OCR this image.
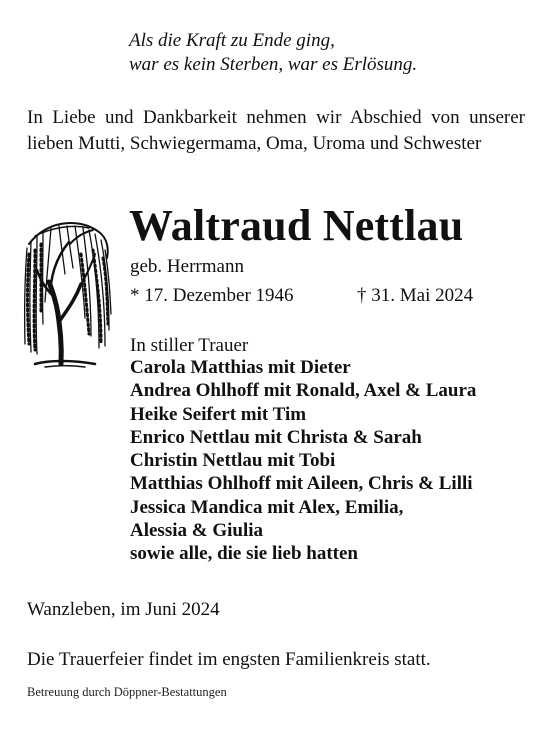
Als die Kraft zu Ende ging,
war es kein Sterben, war es Erlösung.
In Liebe und Dankbarkeit nehmen wir Abschied von unserer lieben Mutti, Schwiegermama, Oma, Uroma und Schwester
Waltraud Nettlau
geb. Herrmann
* 17. Dezember 1946	† 31. Mai 2024
In stiller Trauer
Carola Matthias mit Dieter
Andrea Ohlhoff mit Ronald, Axel & Laura
Heike Seifert mit Tim
Enrico Nettlau mit Christa & Sarah
Christin Nettlau mit Tobi
Matthias Ohlhoff mit Aileen, Chris & Lilli
Jessica Mandica mit Alex, Emilia,
Alessia & Giulia
sowie alle, die sie lieb hatten
Wanzleben, im Juni 2024
Die Trauerfeier findet im engsten Familienkreis statt.
Betreuung durch Döppner-Bestattungen
